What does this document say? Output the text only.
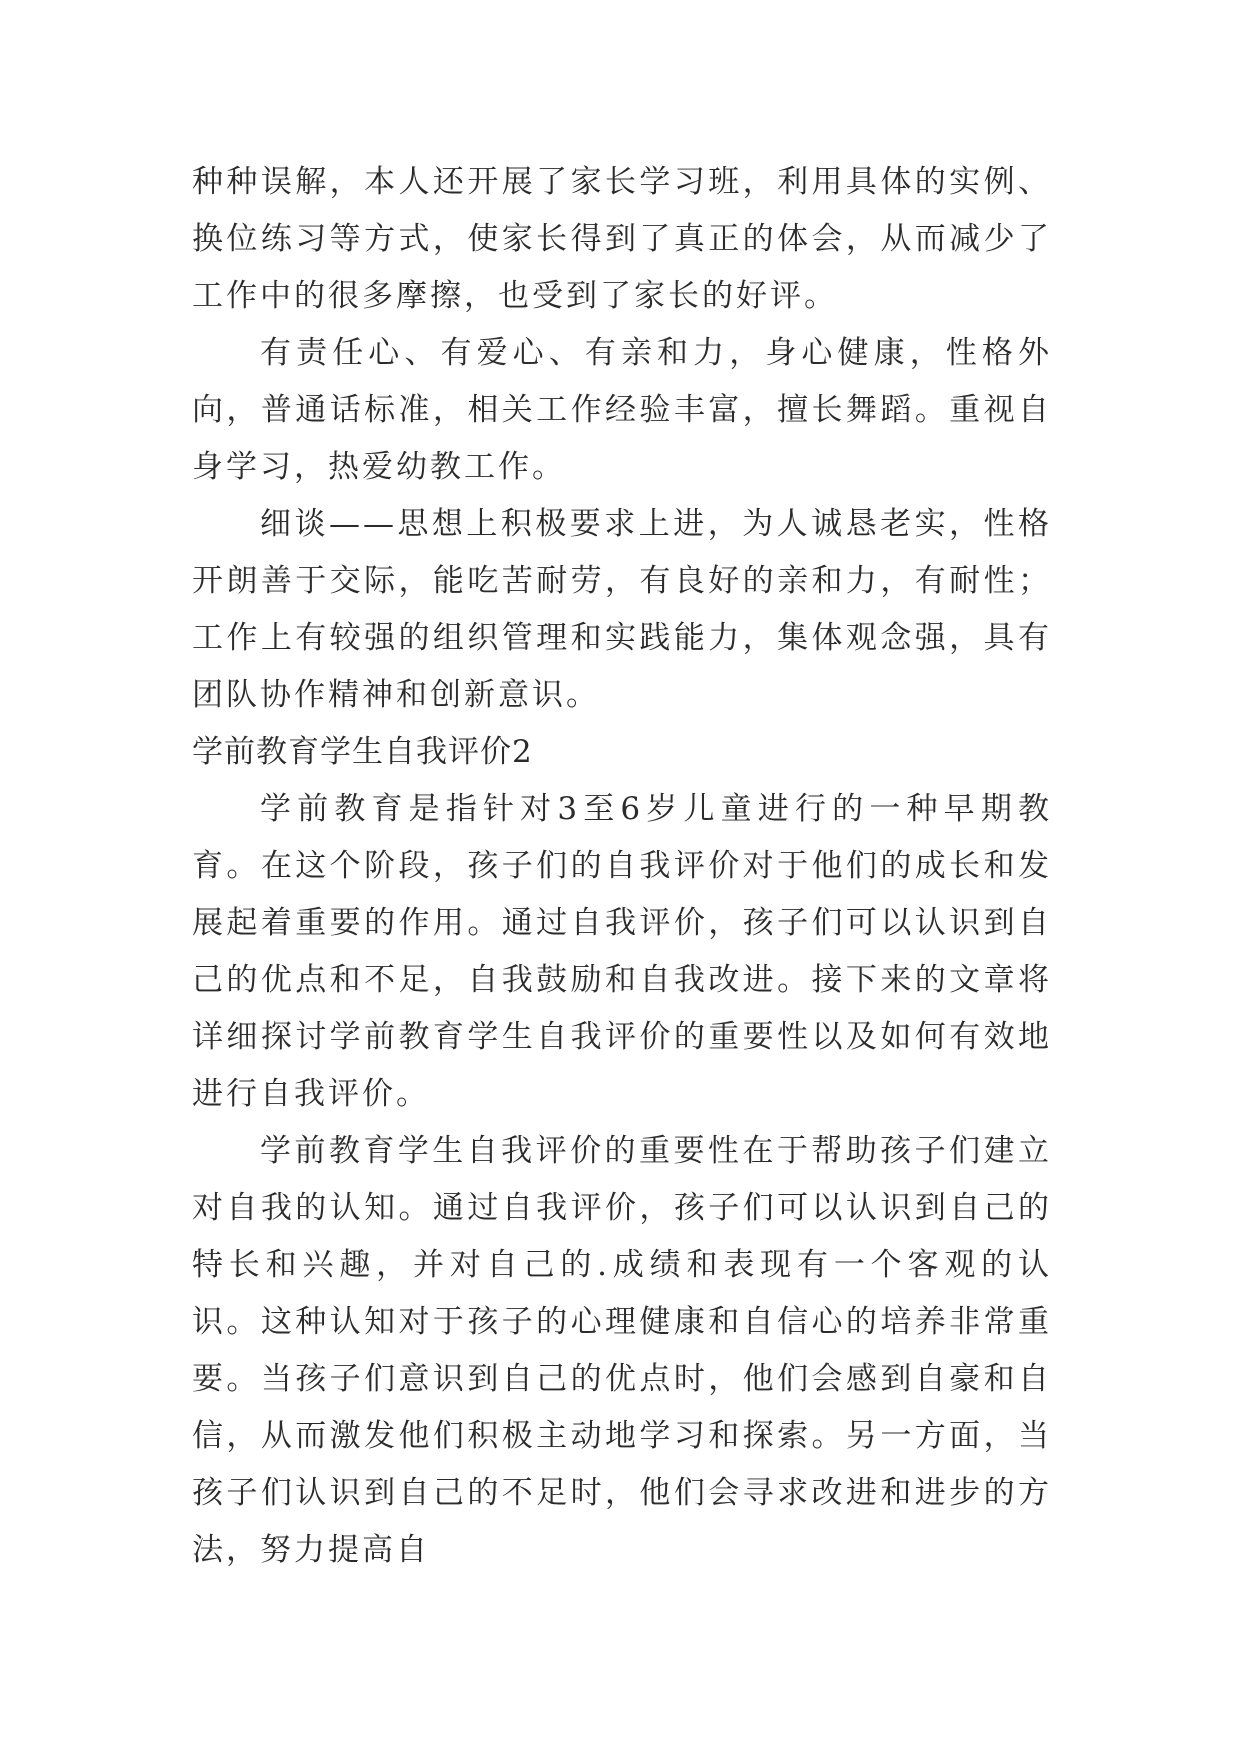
种种误解，本人还开展了家长学习班，利用具体的实例、换位练习等方式，使家长得到了真正的体会，从而减少了工作中的很多摩擦，也受到了家长的好评。

有责任心、有爱心、有亲和力，身心健康，性格外向，普通话标准，相关工作经验丰富，擅长舞蹈。重视自身学习，热爱幼教工作。

细谈——思想上积极要求上进，为人诚恳老实，性格开朗善于交际，能吃苦耐劳，有良好的亲和力，有耐性；工作上有较强的组织管理和实践能力，集体观念强，具有团队协作精神和创新意识。

学前教育学生自我评价2

学前教育是指针对3至6岁儿童进行的一种早期教育。在这个阶段，孩子们的自我评价对于他们的成长和发展起着重要的作用。通过自我评价，孩子们可以认识到自己的优点和不足，自我鼓励和自我改进。接下来的文章将详细探讨学前教育学生自我评价的重要性以及如何有效地进行自我评价。

学前教育学生自我评价的重要性在于帮助孩子们建立对自我的认知。通过自我评价，孩子们可以认识到自己的特长和兴趣，并对自己的.成绩和表现有一个客观的认识。这种认知对于孩子的心理健康和自信心的培养非常重要。当孩子们意识到自己的优点时，他们会感到自豪和自信，从而激发他们积极主动地学习和探索。另一方面，当孩子们认识到自己的不足时，他们会寻求改进和进步的方法，努力提高自
